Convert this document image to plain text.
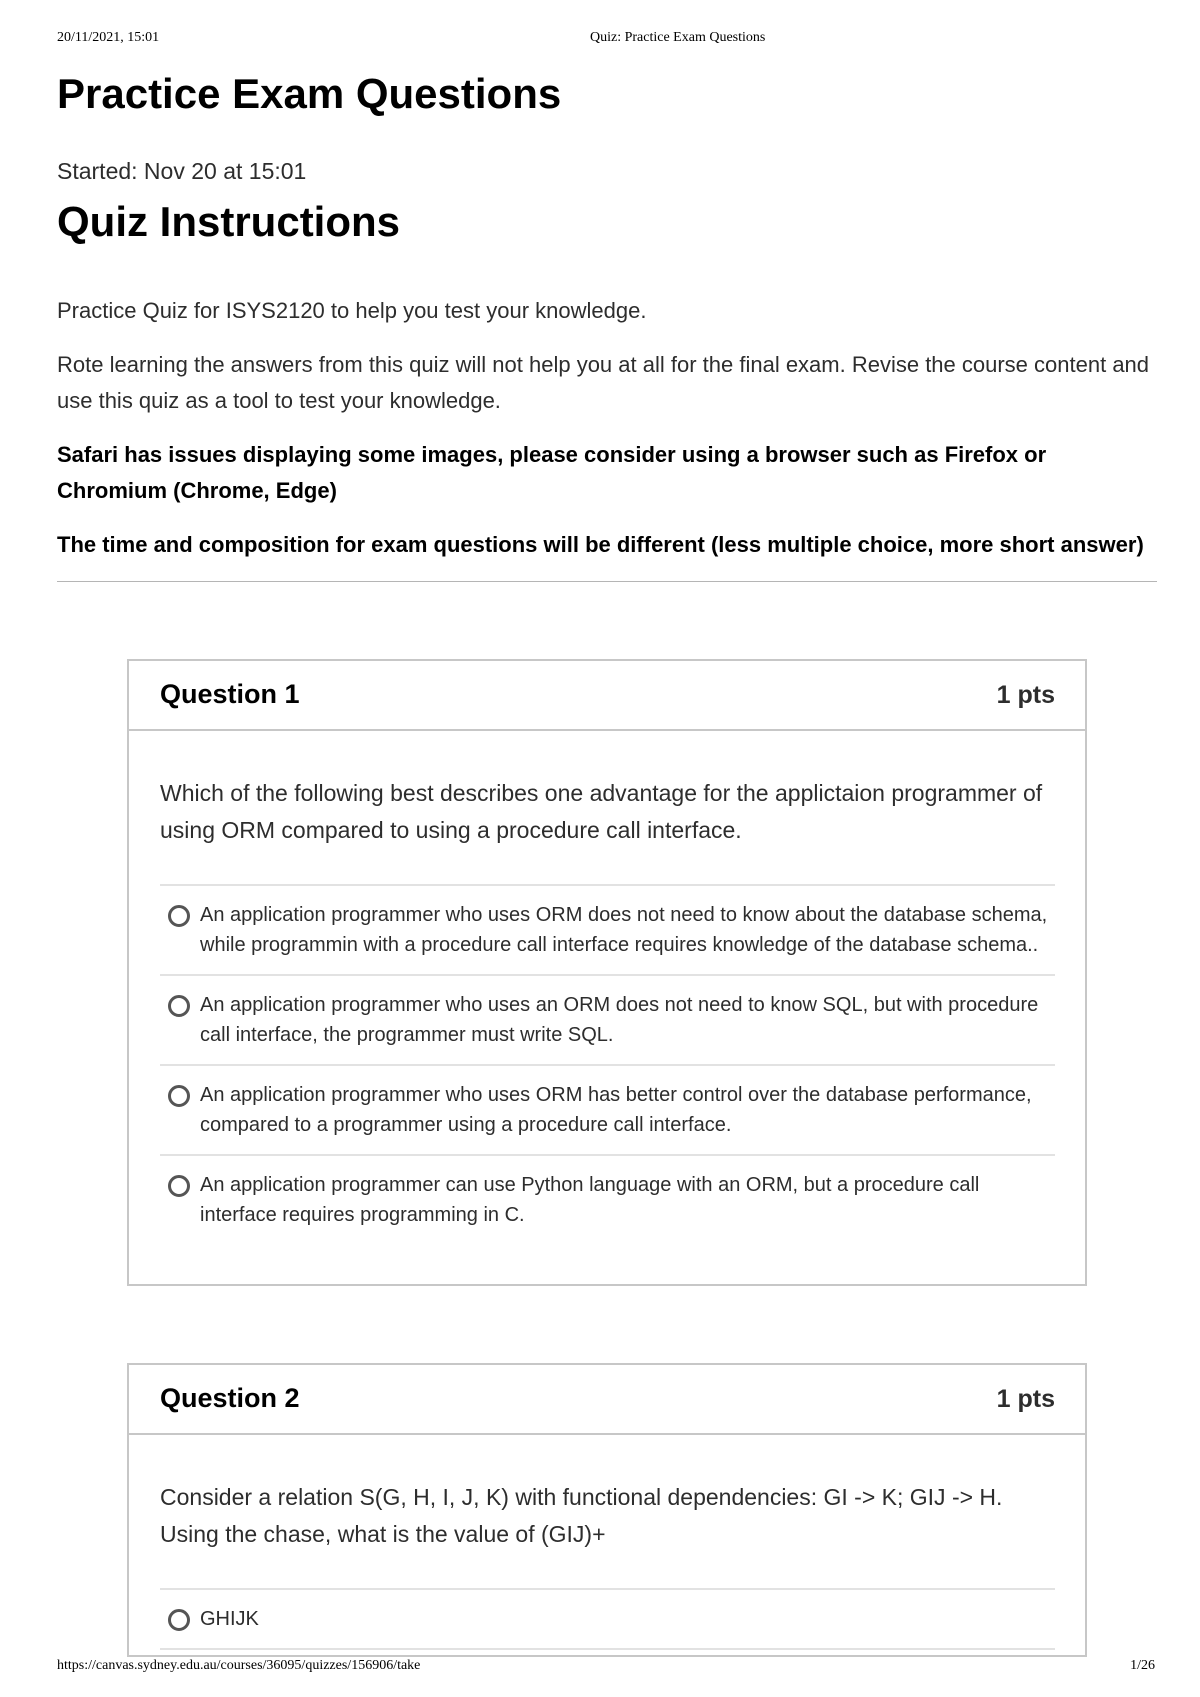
20/11/2021, 15:01	Quiz: Practice Exam Questions
Practice Exam Questions
Started: Nov 20 at 15:01
Quiz Instructions

Practice Quiz for ISYS2120 to help you test your knowledge.

Rote learning the answers from this quiz will not help you at all for the final exam. Revise the course content and use this quiz as a tool to test your knowledge.

Safari has issues displaying some images, please consider using a browser such as Firefox or Chromium (Chrome, Edge)

The time and composition for exam questions will be different (less multiple choice, more short answer)

Question 1	1 pts
Which of the following best describes one advantage for the applictaion programmer of using ORM compared to using a procedure call interface.
An application programmer who uses ORM does not need to know about the database schema, while programmin with a procedure call interface requires knowledge of the database schema..
An application programmer who uses an ORM does not need to know SQL, but with procedure call interface, the programmer must write SQL.
An application programmer who uses ORM has better control over the database performance, compared to a programmer using a procedure call interface.
An application programmer can use Python language with an ORM, but a procedure call interface requires programming in C.
Question 2	1 pts
Consider a relation S(G, H, I, J, K) with functional dependencies: GI -> K; GIJ -> H. Using the chase, what is the value of (GIJ)+
GHIJK
https://canvas.sydney.edu.au/courses/36095/quizzes/156906/take	1/26
